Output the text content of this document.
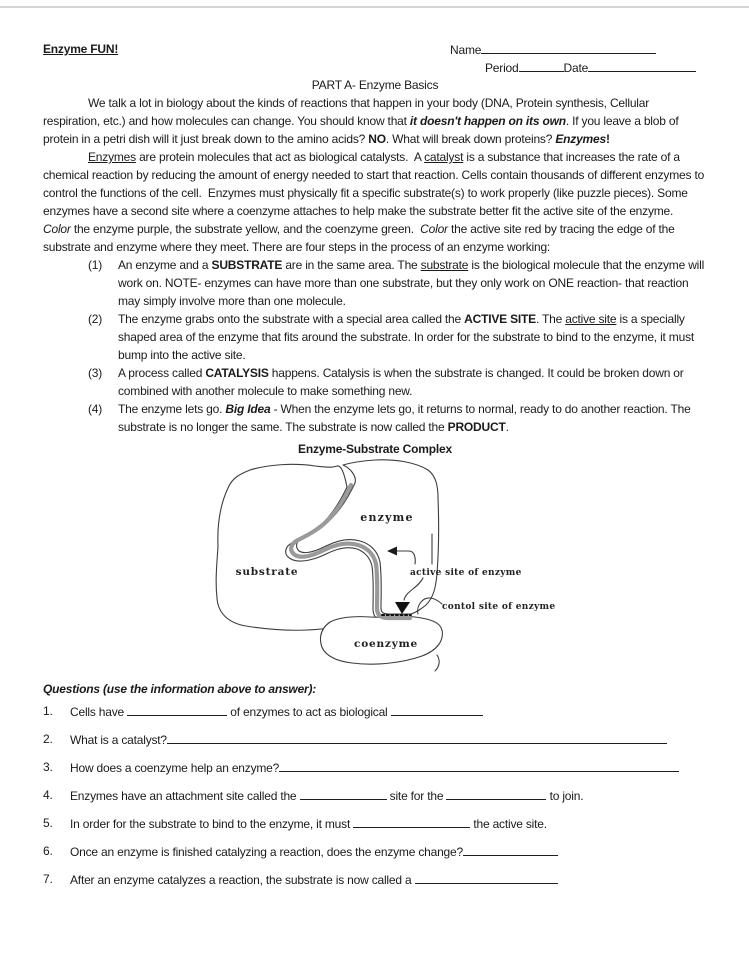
Name
Period	Date
Enzyme FUN!
PART A- Enzyme Basics

We talk a lot in biology about the kinds of reactions that happen in your body (DNA, Protein synthesis, Cellular respiration, etc.) and how molecules can change. You should know that it doesn't happen on its own. If you leave a blob of protein in a petri dish will it just break down to the amino acids? NO. What will break down proteins? Enzymes!

Enzymes are protein molecules that act as biological catalysts.  A catalyst is a substance that increases the rate of a chemical reaction by reducing the amount of energy needed to start that reaction. Cells contain thousands of different enzymes to control the functions of the cell.  Enzymes must physically fit a specific substrate(s) to work properly (like puzzle pieces). Some enzymes have a second site where a coenzyme attaches to help make the substrate better fit the active site of the enzyme.  Color the enzyme purple, the substrate yellow, and the coenzyme green.  Color the active site red by tracing the edge of the substrate and enzyme where they meet. There are four steps in the process of an enzyme working:

(1) An enzyme and a SUBSTRATE are in the same area. The substrate is the biological molecule that the enzyme will work on. NOTE- enzymes can have more than one substrate, but they only work on ONE reaction- that reaction may simply involve more than one molecule.
(2) The enzyme grabs onto the substrate with a special area called the ACTIVE SITE. The active site is a specially shaped area of the enzyme that fits around the substrate. In order for the substrate to bind to the enzyme, it must bump into the active site.
(3) A process called CATALYSIS happens. Catalysis is when the substrate is changed. It could be broken down or combined with another molecule to make something new.
(4) The enzyme lets go. Big Idea - When the enzyme lets go, it returns to normal, ready to do another reaction. The substrate is no longer the same. The substrate is now called the PRODUCT.
Enzyme-Substrate Complex
enzyme
substrate
coenzyme
active site of enzyme
contol site of enzyme
Questions (use the information above to answer):
1. Cells have	of enzymes to act as biological
2. What is a catalyst?
3. How does a coenzyme help an enzyme?
4. Enzymes have an attachment site called the	site for the	to join.
5. In order for the substrate to bind to the enzyme, it must	the active site.
6. Once an enzyme is finished catalyzing a reaction, does the enzyme change?
7. After an enzyme catalyzes a reaction, the substrate is now called a
